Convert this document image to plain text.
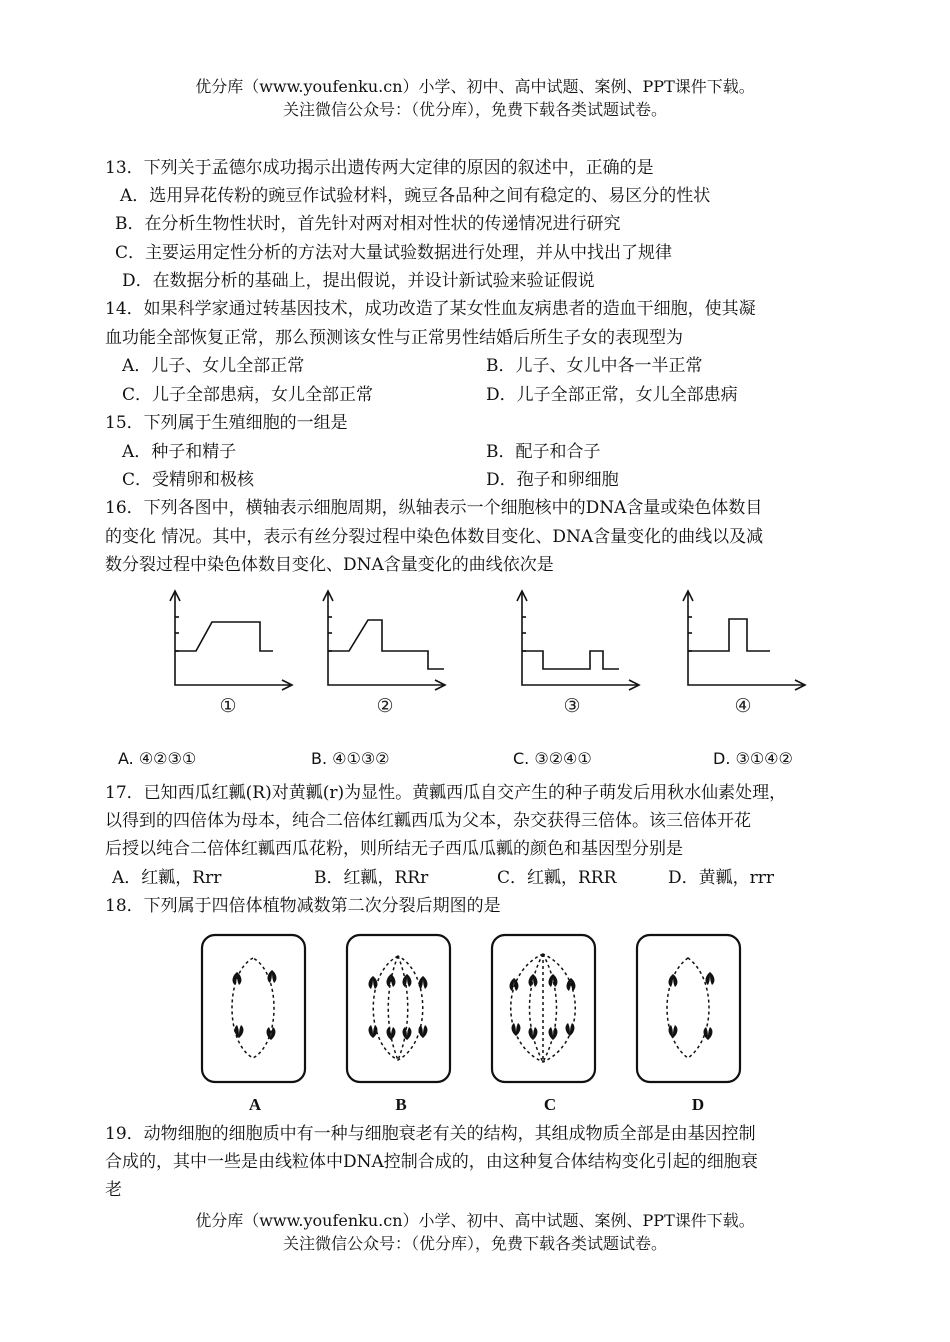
优分库（www.youfenku.cn）小学、初中、高中试题、案例、PPT课件下载。
关注微信公众号：（优分库），免费下载各类试题试卷。
13．下列关于孟德尔成功揭示出遗传两大定律的原因的叙述中，正确的是
A．选用异花传粉的豌豆作试验材料，豌豆各品种之间有稳定的、易区分的性状
B．在分析生物性状时，首先针对两对相对性状的传递情况进行研究
C．主要运用定性分析的方法对大量试验数据进行处理，并从中找出了规律
D．在数据分析的基础上，提出假说，并设计新试验来验证假说
14．如果科学家通过转基因技术，成功改造了某女性血友病患者的造血干细胞，使其凝
血功能全部恢复正常，那么预测该女性与正常男性结婚后所生子女的表现型为
A．儿子、女儿全部正常	B．儿子、女儿中各一半正常
C．儿子全部患病，女儿全部正常	D．儿子全部正常，女儿全部患病
15．下列属于生殖细胞的一组是
A．种子和精子	B．配子和合子
C．受精卵和极核	D．孢子和卵细胞
16．下列各图中，横轴表示细胞周期，纵轴表示一个细胞核中的DNA含量或染色体数目
的变化 情况。其中，表示有丝分裂过程中染色体数目变化、DNA含量变化的曲线以及减
数分裂过程中染色体数目变化、DNA含量变化的曲线依次是
①	②	③	④
A. ④②③①	B. ④①③②	C. ③②④①	D. ③①④②
17．已知西瓜红瓤(R)对黄瓤(r)为显性。黄瓤西瓜自交产生的种子萌发后用秋水仙素处理，
以得到的四倍体为母本，纯合二倍体红瓤西瓜为父本，杂交获得三倍体。该三倍体开花
后授以纯合二倍体红瓤西瓜花粉，则所结无子西瓜瓜瓤的颜色和基因型分别是
A．红瓤，Rrr	B．红瓤，RRr	C．红瓤，RRR	D．黄瓤，rrr
18．下列属于四倍体植物减数第二次分裂后期图的是
A	B	C	D
19．动物细胞的细胞质中有一种与细胞衰老有关的结构，其组成物质全部是由基因控制
合成的，其中一些是由线粒体中DNA控制合成的，由这种复合体结构变化引起的细胞衰
老
优分库（www.youfenku.cn）小学、初中、高中试题、案例、PPT课件下载。
关注微信公众号：（优分库），免费下载各类试题试卷。
